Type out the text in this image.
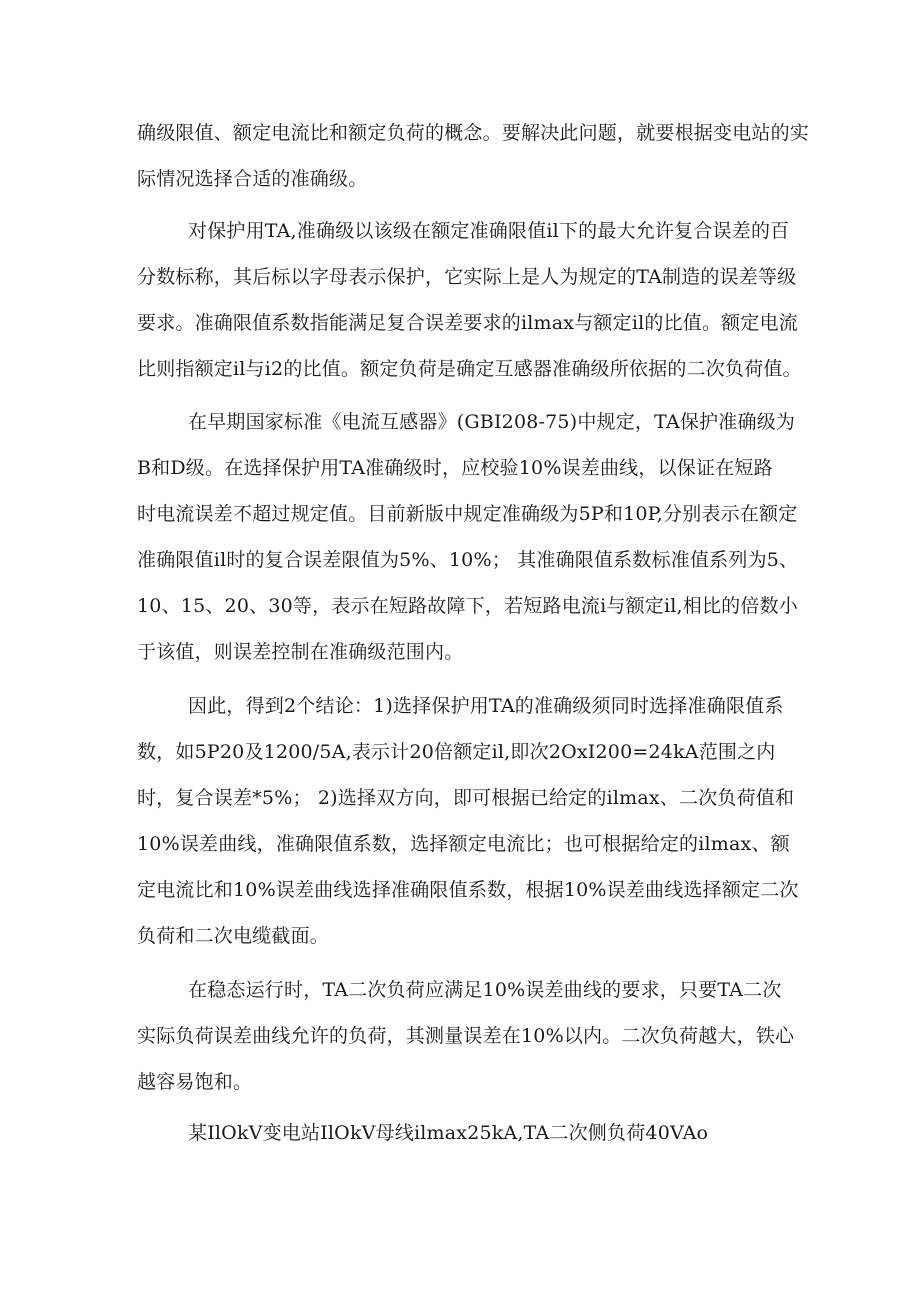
确级限值、额定电流比和额定负荷的概念。要解决此问题，就要根据变电站的实
际情况选择合适的准确级。
对保护用TA,准确级以该级在额定准确限值il下的最大允许复合误差的百
分数标称，其后标以字母表示保护，它实际上是人为规定的TA制造的误差等级
要求。准确限值系数指能满足复合误差要求的ilmax与额定il的比值。额定电流
比则指额定il与i2的比值。额定负荷是确定互感器准确级所依据的二次负荷值。
在早期国家标准《电流互感器》(GBI208-75)中规定，TA保护准确级为
B和D级。在选择保护用TA准确级时，应校验10%误差曲线，以保证在短路
时电流误差不超过规定值。目前新版中规定准确级为5P和10P,分别表示在额定
准确限值il时的复合误差限值为5%、10%； 其准确限值系数标准值系列为5、
10、15、20、30等，表示在短路故障下，若短路电流i与额定il,相比的倍数小
于该值，则误差控制在准确级范围内。
因此，得到2个结论：1)选择保护用TA的准确级须同时选择准确限值系
数，如5P20及1200/5A,表示计20倍额定il,即次2OxI200=24kA范围之内
时，复合误差*5%； 2)选择双方向，即可根据已给定的ilmax、二次负荷值和
10%误差曲线，准确限值系数，选择额定电流比；也可根据给定的ilmax、额
定电流比和10%误差曲线选择准确限值系数，根据10%误差曲线选择额定二次
负荷和二次电缆截面。
在稳态运行时，TA二次负荷应满足10%误差曲线的要求，只要TA二次
实际负荷误差曲线允许的负荷，其测量误差在10%以内。二次负荷越大，铁心
越容易饱和。
某IlOkV变电站IlOkV母线ilmax25kA,TA二次侧负荷40VAo
